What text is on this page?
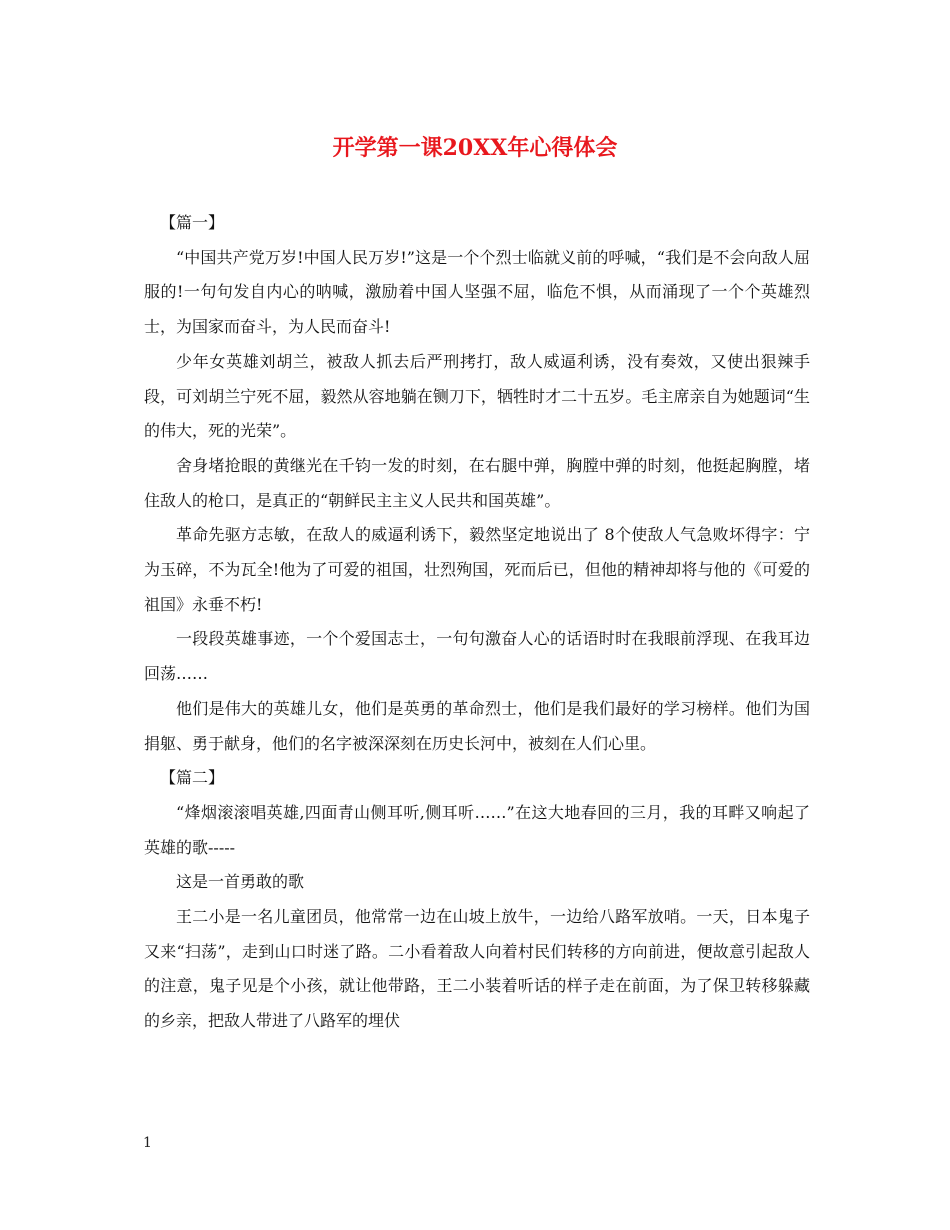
开学第一课20XX年心得体会

【篇一】

“中国共产党万岁!中国人民万岁!”这是一个个烈士临就义前的呼喊，“我们是不会向敌人屈服的!一句句发自内心的呐喊，激励着中国人坚强不屈，临危不惧，从而涌现了一个个英雄烈士，为国家而奋斗，为人民而奋斗!

少年女英雄刘胡兰，被敌人抓去后严刑拷打，敌人威逼利诱，没有奏效，又使出狠辣手段，可刘胡兰宁死不屈，毅然从容地躺在铡刀下，牺牲时才二十五岁。毛主席亲自为她题词“生的伟大，死的光荣”。

舍身堵抢眼的黄继光在千钧一发的时刻，在右腿中弹，胸膛中弹的时刻，他挺起胸膛，堵住敌人的枪口，是真正的“朝鲜民主主义人民共和国英雄”。

革命先驱方志敏，在敌人的威逼利诱下，毅然坚定地说出了 8个使敌人气急败坏得字：宁为玉碎，不为瓦全!他为了可爱的祖国，壮烈殉国，死而后已，但他的精神却将与他的《可爱的祖国》永垂不朽!

一段段英雄事迹，一个个爱国志士，一句句激奋人心的话语时时在我眼前浮现、在我耳边回荡……

他们是伟大的英雄儿女，他们是英勇的革命烈士，他们是我们最好的学习榜样。他们为国捐躯、勇于献身，他们的名字被深深刻在历史长河中，被刻在人们心里。

【篇二】

“烽烟滚滚唱英雄,四面青山侧耳听,侧耳听……”在这大地春回的三月，我的耳畔又响起了英雄的歌-----

这是一首勇敢的歌

王二小是一名儿童团员，他常常一边在山坡上放牛，一边给八路军放哨。一天，日本鬼子又来“扫荡”，走到山口时迷了路。二小看着敌人向着村民们转移的方向前进，便故意引起敌人的注意，鬼子见是个小孩，就让他带路，王二小装着听话的样子走在前面，为了保卫转移躲藏的乡亲，把敌人带进了八路军的埋伏

1
